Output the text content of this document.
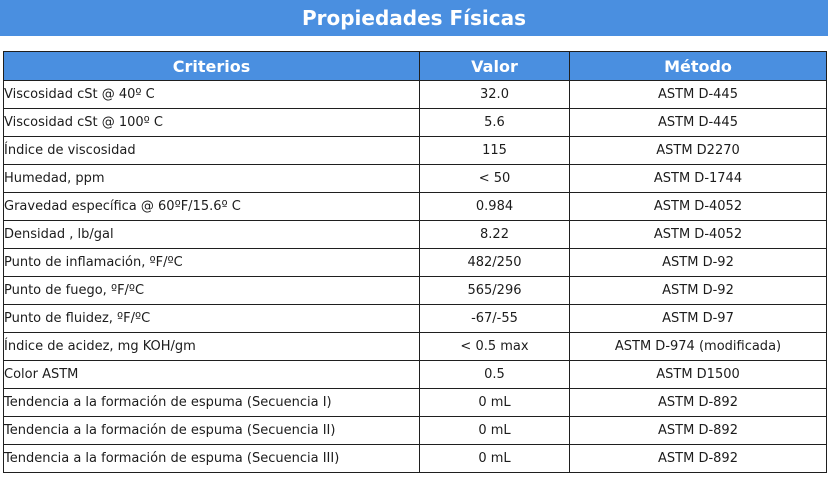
Propiedades Físicas
Criterios	Valor	Método
Viscosidad cSt @ 40º C	32.0	ASTM D-445
Viscosidad cSt @ 100º C	5.6	ASTM D-445
Índice de viscosidad	115	ASTM D2270
Humedad, ppm	< 50	ASTM D-1744
Gravedad específica @ 60ºF/15.6º C	0.984	ASTM D-4052
Densidad , lb/gal	8.22	ASTM D-4052
Punto de inflamación, ºF/ºC	482/250	ASTM D-92
Punto de fuego, ºF/ºC	565/296	ASTM D-92
Punto de fluidez, ºF/ºC	-67/-55	ASTM D-97
Índice de acidez, mg KOH/gm	< 0.5 max	ASTM D-974 (modificada)
Color ASTM	0.5	ASTM D1500
Tendencia a la formación de espuma (Secuencia I)	0 mL	ASTM D-892
Tendencia a la formación de espuma (Secuencia II)	0 mL	ASTM D-892
Tendencia a la formación de espuma (Secuencia III)	0 mL	ASTM D-892
